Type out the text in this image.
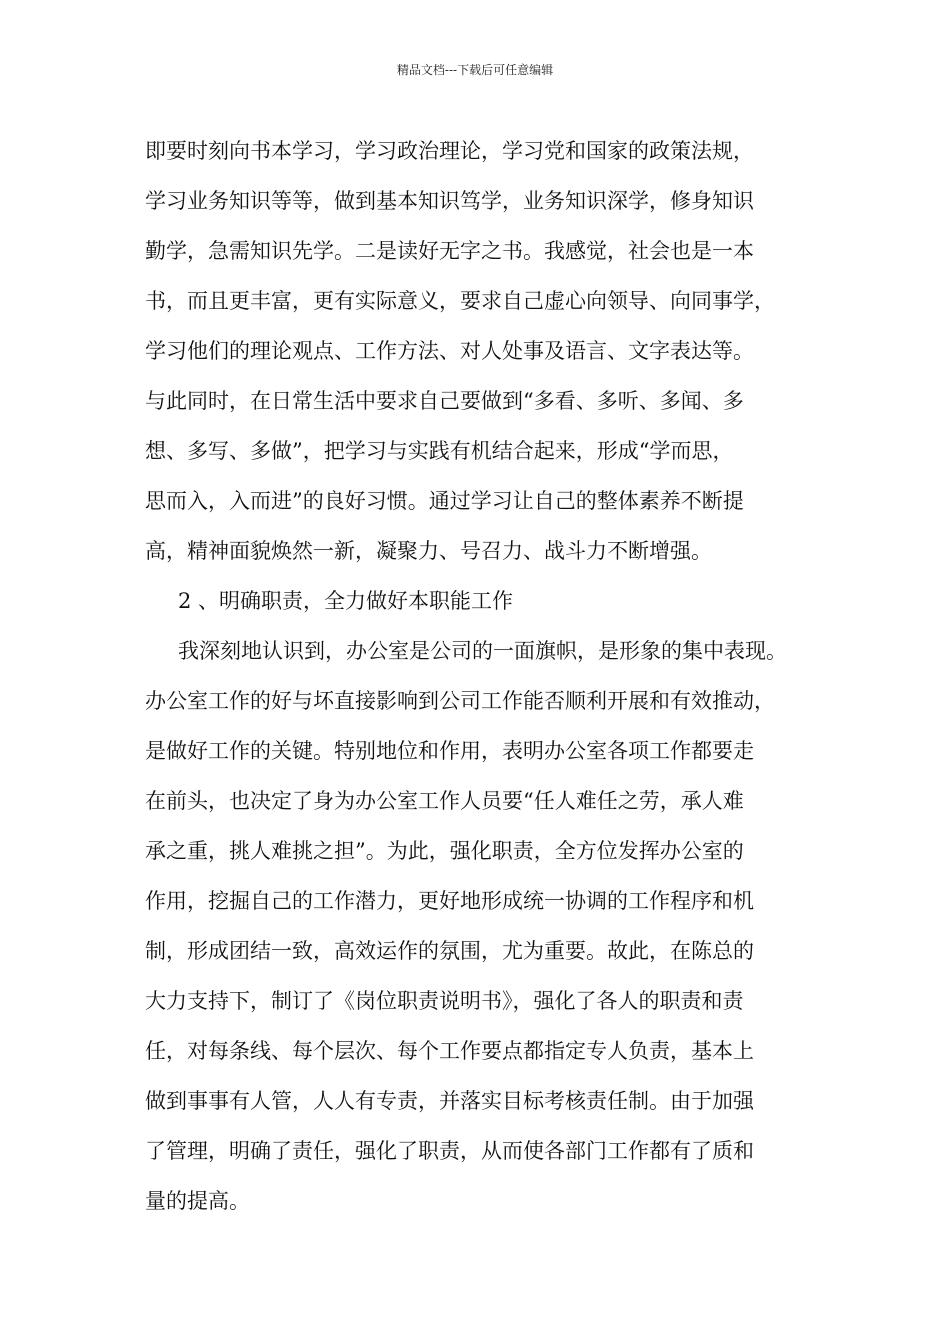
精品文档---下载后可任意编辑
即要时刻向书本学习，学习政治理论，学习党和国家的政策法规，
学习业务知识等等，做到基本知识笃学，业务知识深学，修身知识
勤学，急需知识先学。二是读好无字之书。我感觉，社会也是一本
书，而且更丰富，更有实际意义，要求自己虚心向领导、向同事学，
学习他们的理论观点、工作方法、对人处事及语言、文字表达等。
与此同时，在日常生活中要求自己要做到“多看、多听、多闻、多
想、多写、多做”，把学习与实践有机结合起来，形成“学而思，
思而入，入而进”的良好习惯。通过学习让自己的整体素养不断提
高，精神面貌焕然一新，凝聚力、号召力、战斗力不断增强。
2 、明确职责，全力做好本职能工作
我深刻地认识到，办公室是公司的一面旗帜，是形象的集中表现。
办公室工作的好与坏直接影响到公司工作能否顺利开展和有效推动，
是做好工作的关键。特别地位和作用，表明办公室各项工作都要走
在前头，也决定了身为办公室工作人员要“任人难任之劳，承人难
承之重，挑人难挑之担”。为此，强化职责，全方位发挥办公室的
作用，挖掘自己的工作潜力，更好地形成统一协调的工作程序和机
制，形成团结一致，高效运作的氛围，尤为重要。故此，在陈总的
大力支持下，制订了《岗位职责说明书》，强化了各人的职责和责
任，对每条线、每个层次、每个工作要点都指定专人负责，基本上
做到事事有人管，人人有专责，并落实目标考核责任制。由于加强
了管理，明确了责任，强化了职责，从而使各部门工作都有了质和
量的提高。
